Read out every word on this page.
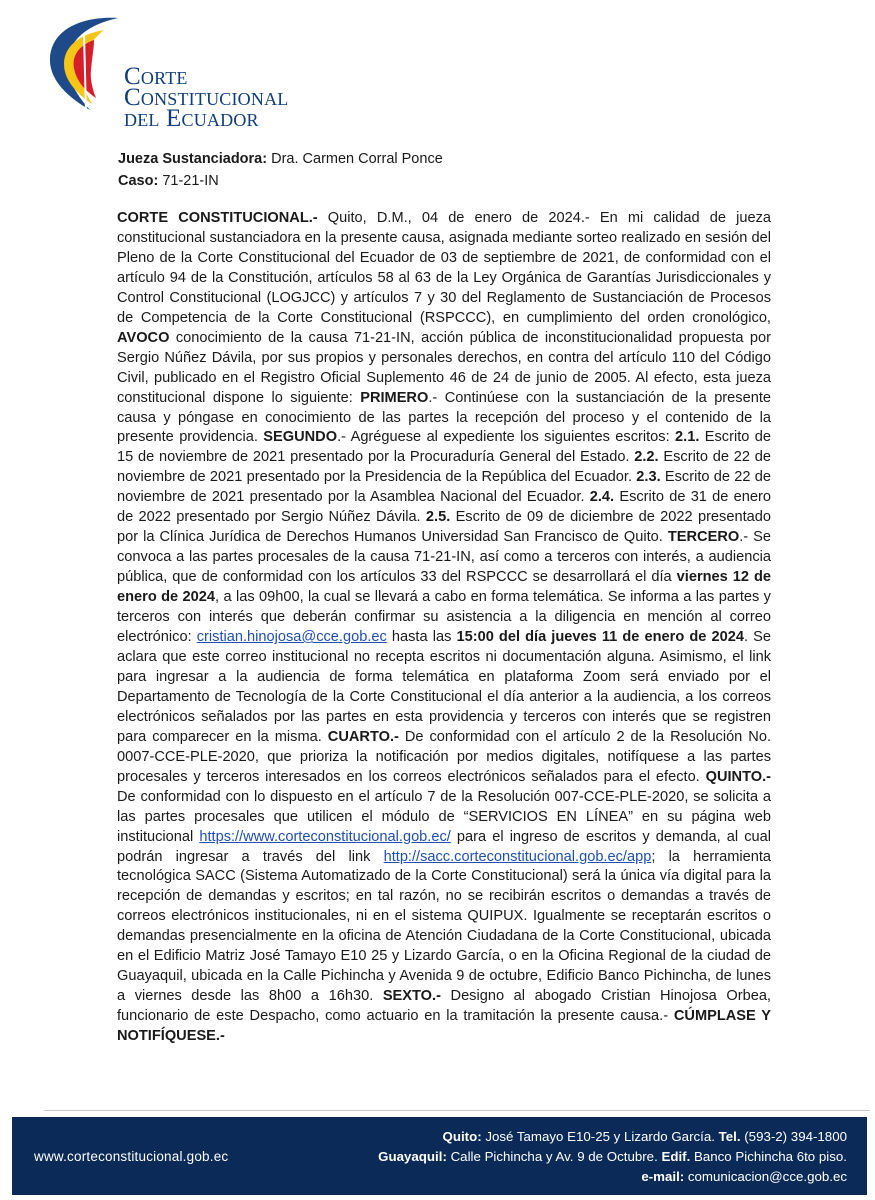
Corte
Constitucional
del Ecuador
Jueza Sustanciadora: Dra. Carmen Corral Ponce
Caso: 71-21-IN
CORTE CONSTITUCIONAL.- Quito, D.M., 04 de enero de 2024.- En mi calidad de jueza constitucional sustanciadora en la presente causa, asignada mediante sorteo realizado en sesión del Pleno de la Corte Constitucional del Ecuador de 03 de septiembre de 2021, de conformidad con el artículo 94 de la Constitución, artículos 58 al 63 de la Ley Orgánica de Garantías Jurisdiccionales y Control Constitucional (LOGJCC) y artículos 7 y 30 del Reglamento de Sustanciación de Procesos de Competencia de la Corte Constitucional (RSPCCC), en cumplimiento del orden cronológico, AVOCO conocimiento de la causa 71-21-IN, acción pública de inconstitucionalidad propuesta por Sergio Núñez Dávila, por sus propios y personales derechos, en contra del artículo 110 del Código Civil, publicado en el Registro Oficial Suplemento 46 de 24 de junio de 2005. Al efecto, esta jueza constitucional dispone lo siguiente: PRIMERO.- Continúese con la sustanciación de la presente causa y póngase en conocimiento de las partes la recepción del proceso y el contenido de la presente providencia. SEGUNDO.- Agréguese al expediente los siguientes escritos: 2.1. Escrito de 15 de noviembre de 2021 presentado por la Procuraduría General del Estado. 2.2. Escrito de 22 de noviembre de 2021 presentado por la Presidencia de la República del Ecuador. 2.3. Escrito de 22 de noviembre de 2021 presentado por la Asamblea Nacional del Ecuador. 2.4. Escrito de 31 de enero de 2022 presentado por Sergio Núñez Dávila. 2.5. Escrito de 09 de diciembre de 2022 presentado por la Clínica Jurídica de Derechos Humanos Universidad San Francisco de Quito. TERCERO.- Se convoca a las partes procesales de la causa 71-21-IN, así como a terceros con interés, a audiencia pública, que de conformidad con los artículos 33 del RSPCCC se desarrollará el día viernes 12 de enero de 2024, a las 09h00, la cual se llevará a cabo en forma telemática. Se informa a las partes y terceros con interés que deberán confirmar su asistencia a la diligencia en mención al correo electrónico: cristian.hinojosa@cce.gob.ec hasta las 15:00 del día jueves 11 de enero de 2024. Se aclara que este correo institucional no recepta escritos ni documentación alguna. Asimismo, el link para ingresar a la audiencia de forma telemática en plataforma Zoom será enviado por el Departamento de Tecnología de la Corte Constitucional el día anterior a la audiencia, a los correos electrónicos señalados por las partes en esta providencia y terceros con interés que se registren para comparecer en la misma. CUARTO.- De conformidad con el artículo 2 de la Resolución No. 0007-CCE-PLE-2020, que prioriza la notificación por medios digitales, notifíquese a las partes procesales y terceros interesados en los correos electrónicos señalados para el efecto. QUINTO.- De conformidad con lo dispuesto en el artículo 7 de la Resolución 007-CCE-PLE-2020, se solicita a las partes procesales que utilicen el módulo de “SERVICIOS EN LÍNEA” en su página web institucional https://www.corteconstitucional.gob.ec/ para el ingreso de escritos y demanda, al cual podrán ingresar a través del link http://sacc.corteconstitucional.gob.ec/app; la herramienta tecnológica SACC (Sistema Automatizado de la Corte Constitucional) será la única vía digital para la recepción de demandas y escritos; en tal razón, no se recibirán escritos o demandas a través de correos electrónicos institucionales, ni en el sistema QUIPUX. Igualmente se receptarán escritos o demandas presencialmente en la oficina de Atención Ciudadana de la Corte Constitucional, ubicada en el Edificio Matriz José Tamayo E10 25 y Lizardo García, o en la Oficina Regional de la ciudad de Guayaquil, ubicada en la Calle Pichincha y Avenida 9 de octubre, Edificio Banco Pichincha, de lunes a viernes desde las 8h00 a 16h30. SEXTO.- Designo al abogado Cristian Hinojosa Orbea, funcionario de este Despacho, como actuario en la tramitación la presente causa.- CÚMPLASE Y NOTIFÍQUESE.-
www.corteconstitucional.gob.ec
Quito: José Tamayo E10-25 y Lizardo García. Tel. (593-2) 394-1800
Guayaquil: Calle Pichincha y Av. 9 de Octubre. Edif. Banco Pichincha 6to piso.
e-mail: comunicacion@cce.gob.ec
